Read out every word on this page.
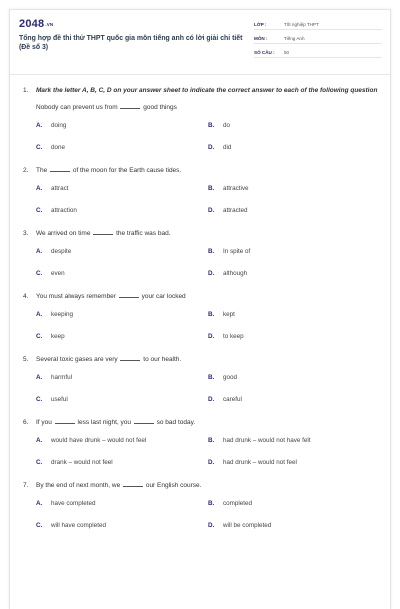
$2048^{.VN}$
Tổng hợp đề thi thử THPT quốc gia môn tiếng anh có lời giải chi tiết (Đề số 3)
LỚP :	Tốt nghiệp THPT
MÔN :	Tiếng Anh
SỐ CÂU :	50
1.	Mark the letter A, B, C, D on your answer sheet to indicate the correct answer to each of the following question
Nobody can prevent us from	good things
A.	doing	B.	do
C.	done	D.	did
2.	The	of the moon for the Earth cause tides.
A.	attract	B.	attractive
C.	attraction	D.	attracted
3.	We arrived on time	the traffic was bad.
A.	despite	B.	In spite of
C.	even	D.	although
4.	You must always remember	your car locked
A.	keeping	B.	kept
C.	keep	D.	to keep
5.	Several toxic gases are very	to our health.
A.	harmful	B.	good
C.	useful	D.	careful
6.	If you	less last night, you	so bad today.
A.	would have drunk – would not feel	B.	had drunk – would not have felt
C.	drank – would not feel	D.	had drunk – would not feel
7.	By the end of next month, we	our English course.
A.	have completed	B.	completed
C.	will have completed	D.	will be completed
